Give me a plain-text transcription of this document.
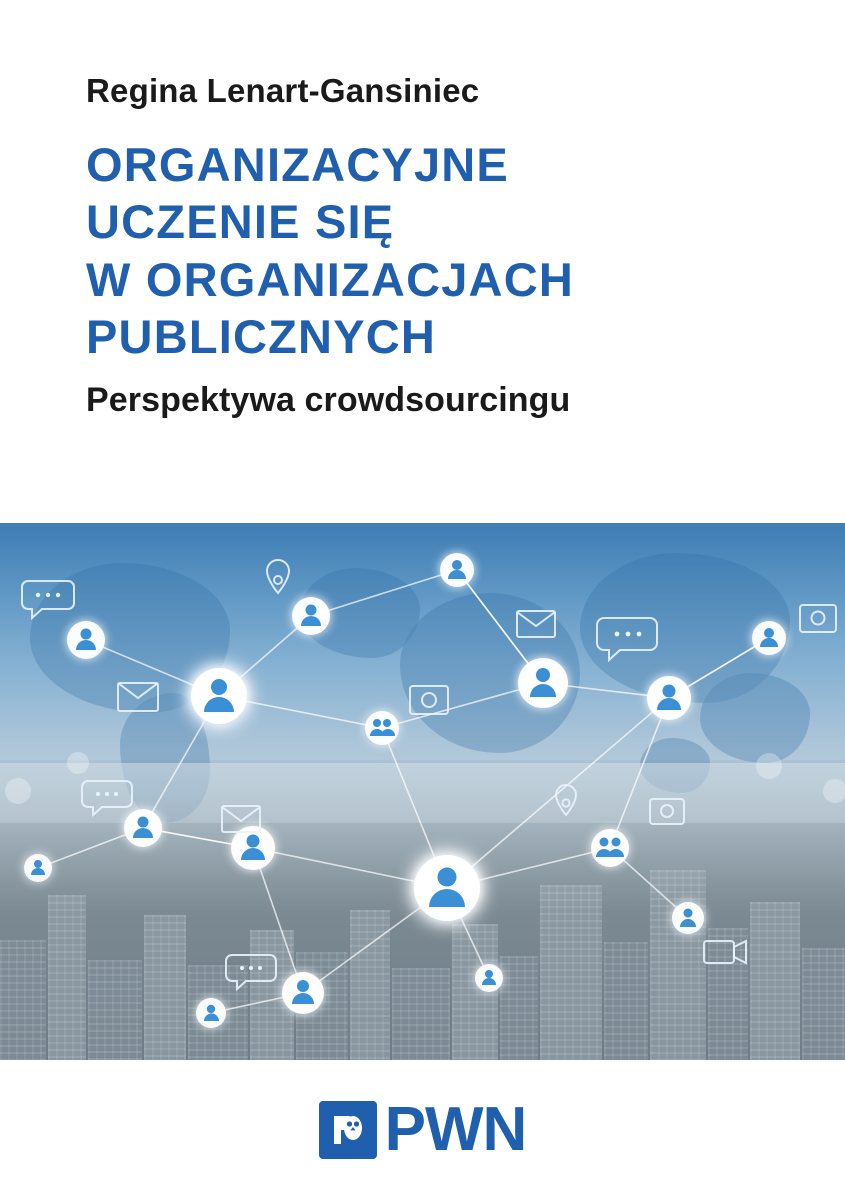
Regina Lenart-Gansiniec
ORGANIZACYJNE
UCZENIE SIĘ
W ORGANIZACJACH
PUBLICZNYCH
Perspektywa crowdsourcingu
PWN
